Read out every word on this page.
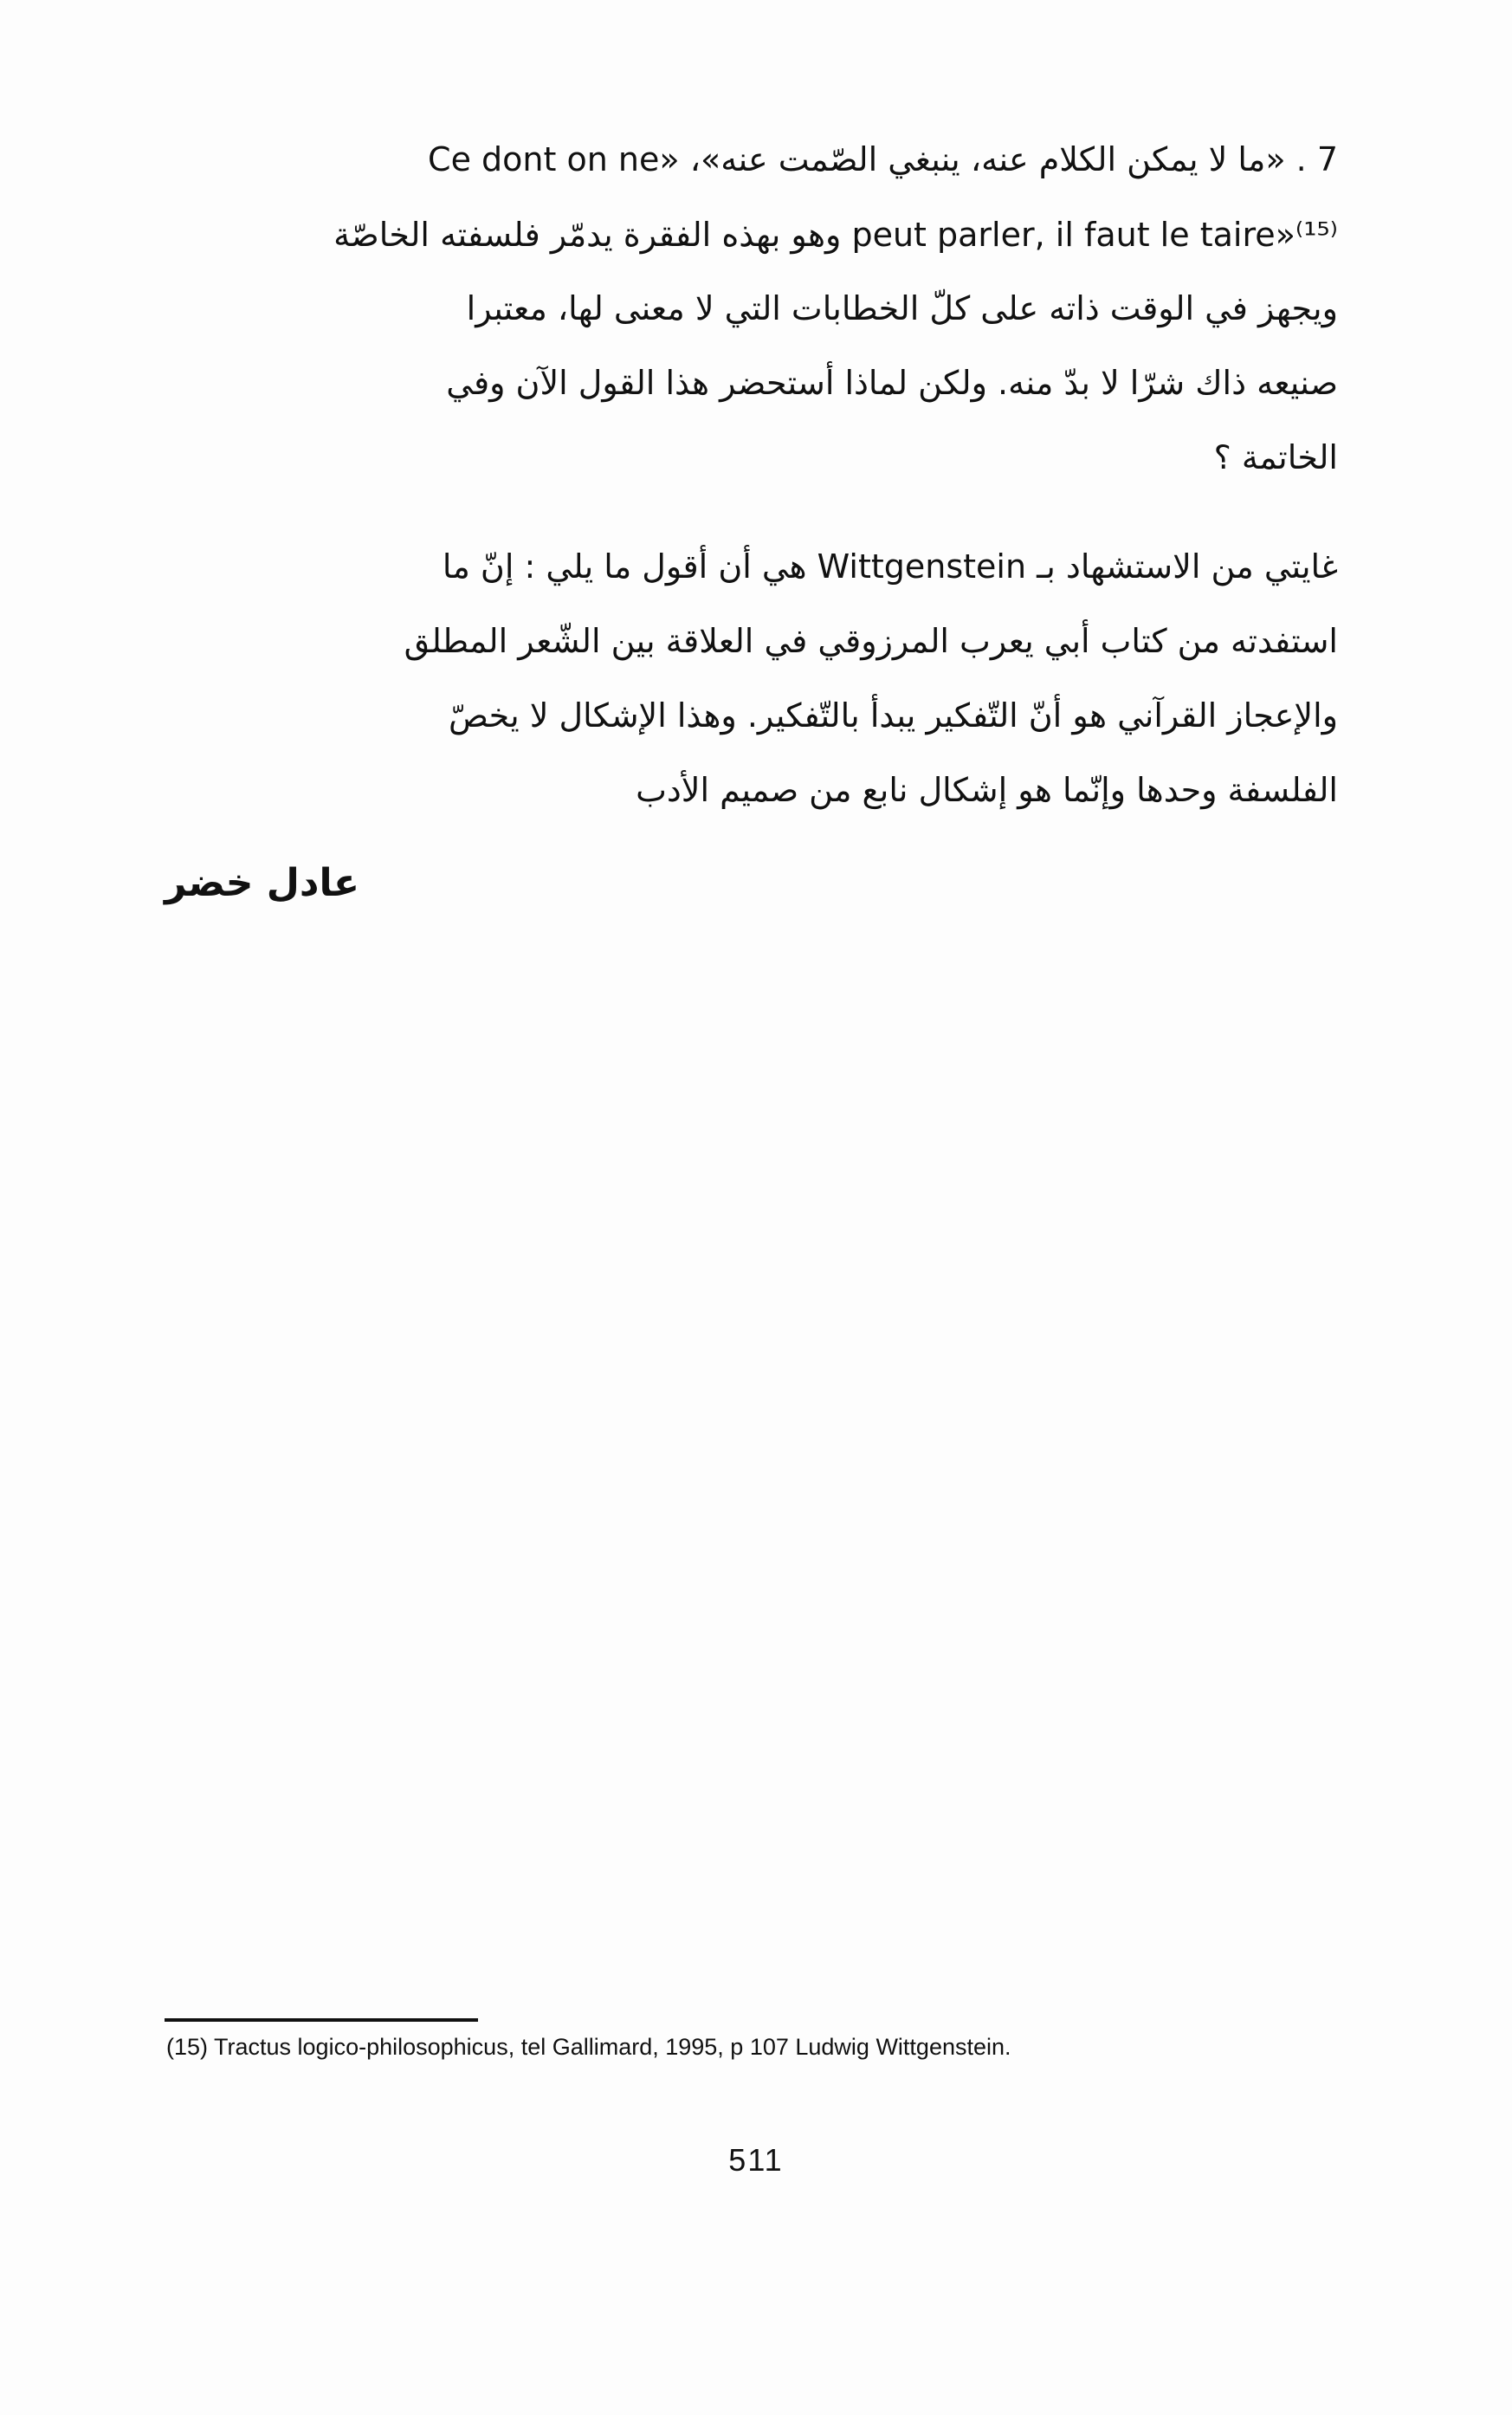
7 . «ما لا يمكن الكلام عنه، ينبغي الصّمت عنه»، «Ce dont on ne
peut parler, il faut le taire»⁽¹⁵⁾ وهو بهذه الفقرة يدمّر فلسفته الخاصّة
ويجهز في الوقت ذاته على كلّ الخطابات التي لا معنى لها، معتبرا
صنيعه ذاك شرّا لا بدّ منه. ولكن لماذا أستحضر هذا القول الآن وفي
الخاتمة ؟
غايتي من الاستشهاد بـ Wittgenstein هي أن أقول ما يلي : إنّ ما
استفدته من كتاب أبي يعرب المرزوقي في العلاقة بين الشّعر المطلق
والإعجاز القرآني هو أنّ التّفكير يبدأ بالتّفكير. وهذا الإشكال لا يخصّ
الفلسفة وحدها وإنّما هو إشكال نابع من صميم الأدب
عادل خضر
(15) Tractus logico-philosophicus, tel Gallimard, 1995, p 107 Ludwig Wittgenstein.
511
